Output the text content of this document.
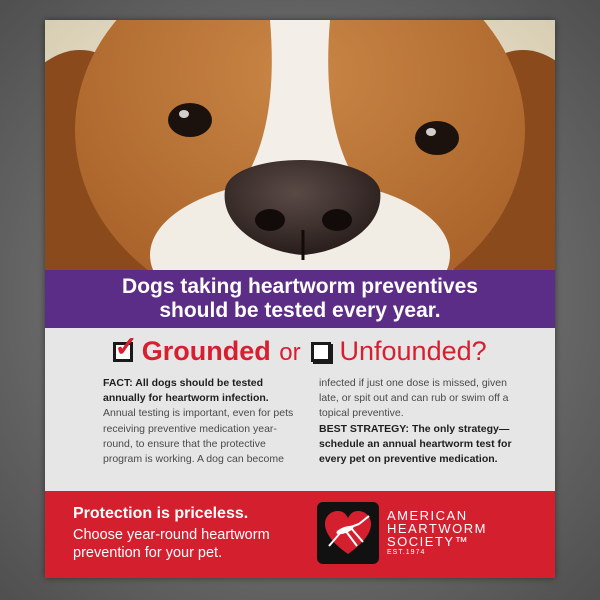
Dogs taking heartworm preventives
should be tested every year.
✓ Grounded or Unfounded?
FACT: All dogs should be tested annually for heartworm infection.
Annual testing is important, even for pets receiving preventive medication year-round, to ensure that the protective program is working. A dog can become
infected if just one dose is missed, given late, or spit out and can rub or swim off a topical preventive.
BEST STRATEGY: The only strategy—schedule an annual heartworm test for every pet on preventive medication.
Protection is priceless.
Choose year-round heartworm prevention for your pet.
AMERICAN
HEARTWORM
SOCIETY™
EST.1974
